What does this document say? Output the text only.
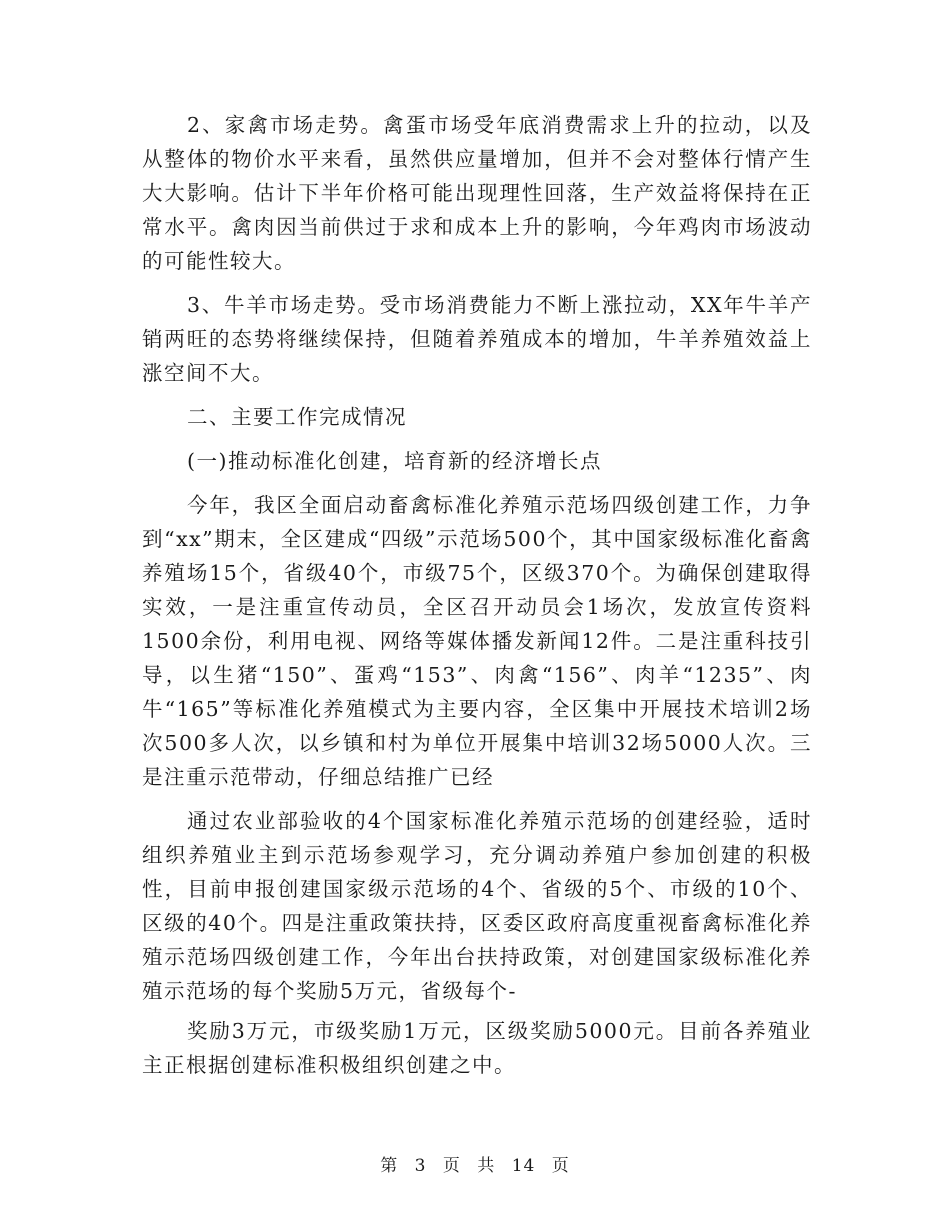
2、家禽市场走势。禽蛋市场受年底消费需求上升的拉动，以及从整体的物价水平来看，虽然供应量增加，但并不会对整体行情产生大大影响。估计下半年价格可能出现理性回落，生产效益将保持在正常水平。禽肉因当前供过于求和成本上升的影响，今年鸡肉市场波动的可能性较大。

3、牛羊市场走势。受市场消费能力不断上涨拉动，XX年牛羊产销两旺的态势将继续保持，但随着养殖成本的增加，牛羊养殖效益上涨空间不大。

二、主要工作完成情况

(一)推动标准化创建，培育新的经济增长点

今年，我区全面启动畜禽标准化养殖示范场四级创建工作，力争到“xx”期末，全区建成“四级”示范场500个，其中国家级标准化畜禽养殖场15个，省级40个，市级75个，区级370个。为确保创建取得实效，一是注重宣传动员，全区召开动员会1场次，发放宣传资料1500余份，利用电视、网络等媒体播发新闻12件。二是注重科技引导，以生猪“150”、蛋鸡“153”、肉禽“156”、肉羊“1235”、肉牛“165”等标准化养殖模式为主要内容，全区集中开展技术培训2场次500多人次，以乡镇和村为单位开展集中培训32场5000人次。三是注重示范带动，仔细总结推广已经

通过农业部验收的4个国家标准化养殖示范场的创建经验，适时组织养殖业主到示范场参观学习，充分调动养殖户参加创建的积极性，目前申报创建国家级示范场的4个、省级的5个、市级的10个、区级的40个。四是注重政策扶持，区委区政府高度重视畜禽标准化养殖示范场四级创建工作，今年出台扶持政策，对创建国家级标准化养殖示范场的每个奖励5万元，省级每个-

奖励3万元，市级奖励1万元，区级奖励5000元。目前各养殖业主正根据创建标准积极组织创建之中。

第 3 页 共 14 页
